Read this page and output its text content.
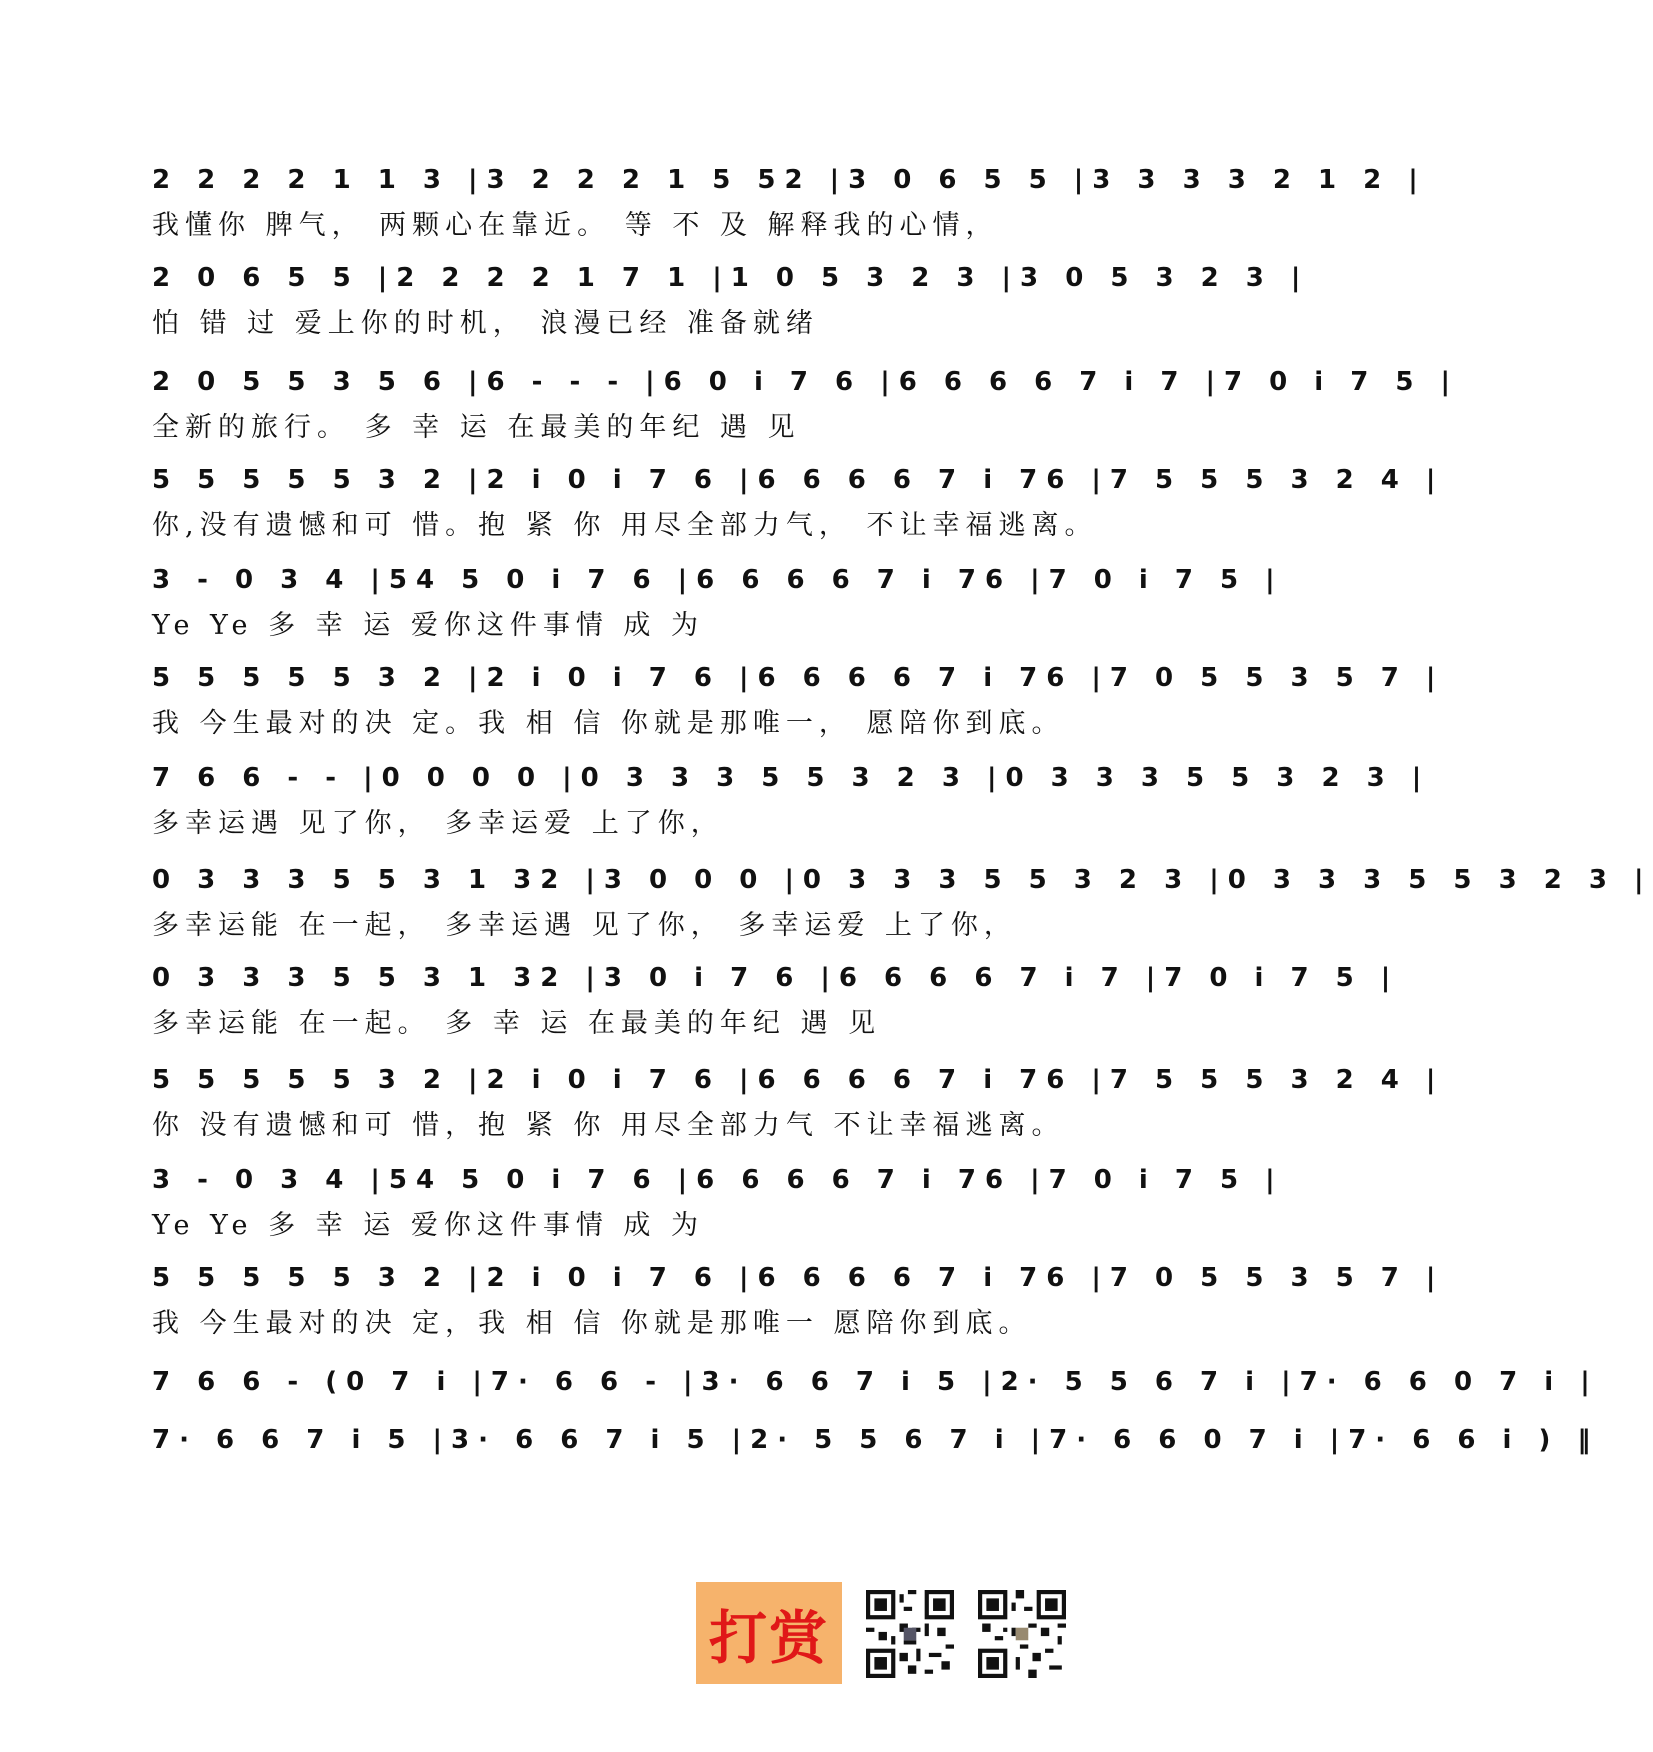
2 2 2 2 1 1 3 |3 2 2 2 1 5 52 |3 0 6 5 5 |3 3 3 3 2 1 2 |
我懂你 脾气， 两颗心在靠近。 等 不 及 解释我的心情，
2 0 6 5 5 |2 2 2 2 1 7 1 |1 0 5 3 2 3 |3 0 5 3 2 3 |
怕 错 过 爱上你的时机， 浪漫已经 准备就绪
2 0 5 5 3 5 6 |6 - - - |6 0 i 7 6 |6 6 6 6 7 i 7 |7 0 i 7 5 |
全新的旅行。 多 幸 运 在最美的年纪 遇 见
5 5 5 5 5 3 2 |2 i 0 i 7 6 |6 6 6 6 7 i 76 |7 5 5 5 3 2 4 |
你,没有遗憾和可 惜。抱 紧 你 用尽全部力气， 不让幸福逃离。
3 - 0 3 4 |54 5 0 i 7 6 |6 6 6 6 7 i 76 |7 0 i 7 5 |
Ye Ye 多 幸 运 爱你这件事情 成 为
5 5 5 5 5 3 2 |2 i 0 i 7 6 |6 6 6 6 7 i 76 |7 0 5 5 3 5 7 |
我 今生最对的决 定。我 相 信 你就是那唯一， 愿陪你到底。
7 6 6 - - |0 0 0 0 |0 3 3 3 5 5 3 2 3 |0 3 3 3 5 5 3 2 3 |
多幸运遇 见了你， 多幸运爱 上了你，
0 3 3 3 5 5 3 1 32 |3 0 0 0 |0 3 3 3 5 5 3 2 3 |0 3 3 3 5 5 3 2 3 |
多幸运能 在一起， 多幸运遇 见了你， 多幸运爱 上了你，
0 3 3 3 5 5 3 1 32 |3 0 i 7 6 |6 6 6 6 7 i 7 |7 0 i 7 5 |
多幸运能 在一起。 多 幸 运 在最美的年纪 遇 见
5 5 5 5 5 3 2 |2 i 0 i 7 6 |6 6 6 6 7 i 76 |7 5 5 5 3 2 4 |
你 没有遗憾和可 惜，抱 紧 你 用尽全部力气 不让幸福逃离。
3 - 0 3 4 |54 5 0 i 7 6 |6 6 6 6 7 i 76 |7 0 i 7 5 |
Ye Ye 多 幸 运 爱你这件事情 成 为
5 5 5 5 5 3 2 |2 i 0 i 7 6 |6 6 6 6 7 i 76 |7 0 5 5 3 5 7 |
我 今生最对的决 定，我 相 信 你就是那唯一 愿陪你到底。
7 6 6 - (0 7 i |7· 6 6 - |3· 6 6 7 i 5 |2· 5 5 6 7 i |7· 6 6 0 7 i |
7· 6 6 7 i 5 |3· 6 6 7 i 5 |2· 5 5 6 7 i |7· 6 6 0 7 i |7· 6 6 i ) ‖
打赏
